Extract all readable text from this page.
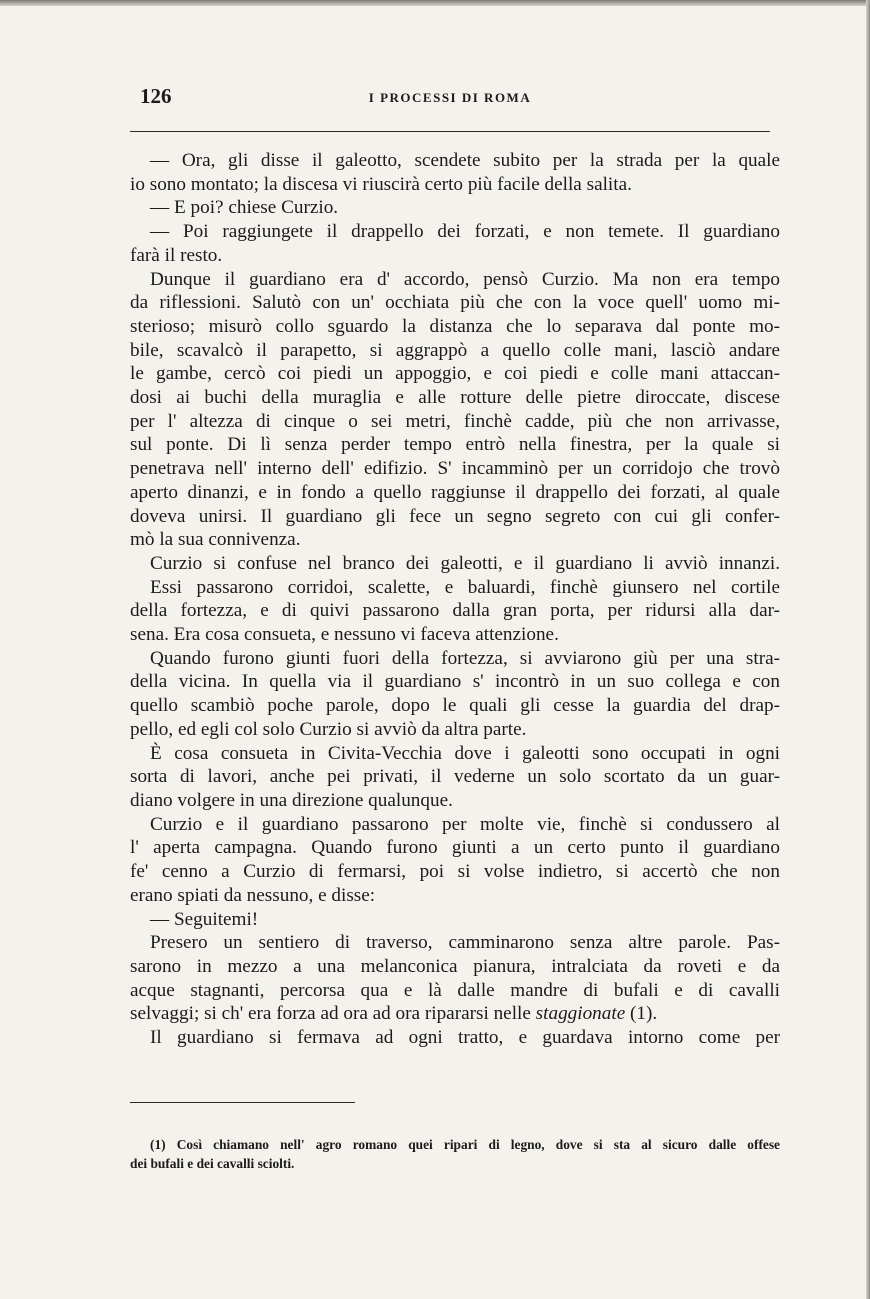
126	I PROCESSI DI ROMA
— Ora, gli disse il galeotto, scendete subito per la strada per la quale
io sono montato; la discesa vi riuscirà certo più facile della salita.
— E poi? chiese Curzio.
— Poi raggiungete il drappello dei forzati, e non temete. Il guardiano
farà il resto.
Dunque il guardiano era d' accordo, pensò Curzio. Ma non era tempo
da riflessioni. Salutò con un' occhiata più che con la voce quell' uomo mi-
sterioso; misurò collo sguardo la distanza che lo separava dal ponte mo-
bile, scavalcò il parapetto, si aggrappò a quello colle mani, lasciò andare
le gambe, cercò coi piedi un appoggio, e coi piedi e colle mani attaccan-
dosi ai buchi della muraglia e alle rotture delle pietre diroccate, discese
per l' altezza di cinque o sei metri, finchè cadde, più che non arrivasse,
sul ponte. Di lì senza perder tempo entrò nella finestra, per la quale si
penetrava nell' interno dell' edifizio. S' incamminò per un corridojo che trovò
aperto dinanzi, e in fondo a quello raggiunse il drappello dei forzati, al quale
doveva unirsi. Il guardiano gli fece un segno segreto con cui gli confer-
mò la sua connivenza.
Curzio si confuse nel branco dei galeotti, e il guardiano li avviò innanzi.
Essi passarono corridoi, scalette, e baluardi, finchè giunsero nel cortile
della fortezza, e di quivi passarono dalla gran porta, per ridursi alla dar-
sena. Era cosa consueta, e nessuno vi faceva attenzione.
Quando furono giunti fuori della fortezza, si avviarono giù per una stra-
della vicina. In quella via il guardiano s' incontrò in un suo collega e con
quello scambiò poche parole, dopo le quali gli cesse la guardia del drap-
pello, ed egli col solo Curzio si avviò da altra parte.
È cosa consueta in Civita-Vecchia dove i galeotti sono occupati in ogni
sorta di lavori, anche pei privati, il vederne un solo scortato da un guar-
diano volgere in una direzione qualunque.
Curzio e il guardiano passarono per molte vie, finchè si condussero al
l' aperta campagna. Quando furono giunti a un certo punto il guardiano
fe' cenno a Curzio di fermarsi, poi si volse indietro, si accertò che non
erano spiati da nessuno, e disse:
— Seguitemi!
Presero un sentiero di traverso, camminarono senza altre parole. Pas-
sarono in mezzo a una melanconica pianura, intralciata da roveti e da
acque stagnanti, percorsa qua e là dalle mandre di bufali e di cavalli
selvaggi; si ch' era forza ad ora ad ora ripararsi nelle staggionate (1).
Il guardiano si fermava ad ogni tratto, e guardava intorno come per
(1) Così chiamano nell' agro romano quei ripari di legno, dove si sta al sicuro dalle offese
dei bufali e dei cavalli sciolti.
